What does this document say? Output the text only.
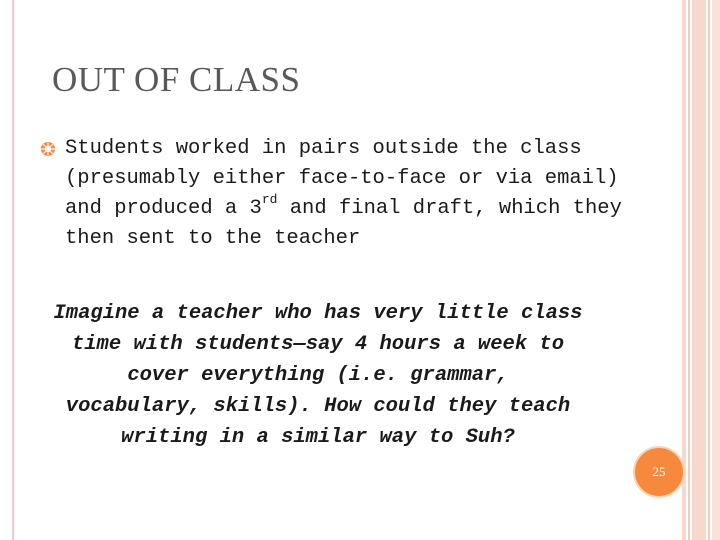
OUT OF CLASS
Students worked in pairs outside the class
(presumably either face-to-face or via email)
and produced a 3rd and final draft, which they
then sent to the teacher
Imagine a teacher who has very little class
time with students—say 4 hours a week to
cover everything (i.e. grammar,
vocabulary, skills). How could they teach
writing in a similar way to Suh?
25
